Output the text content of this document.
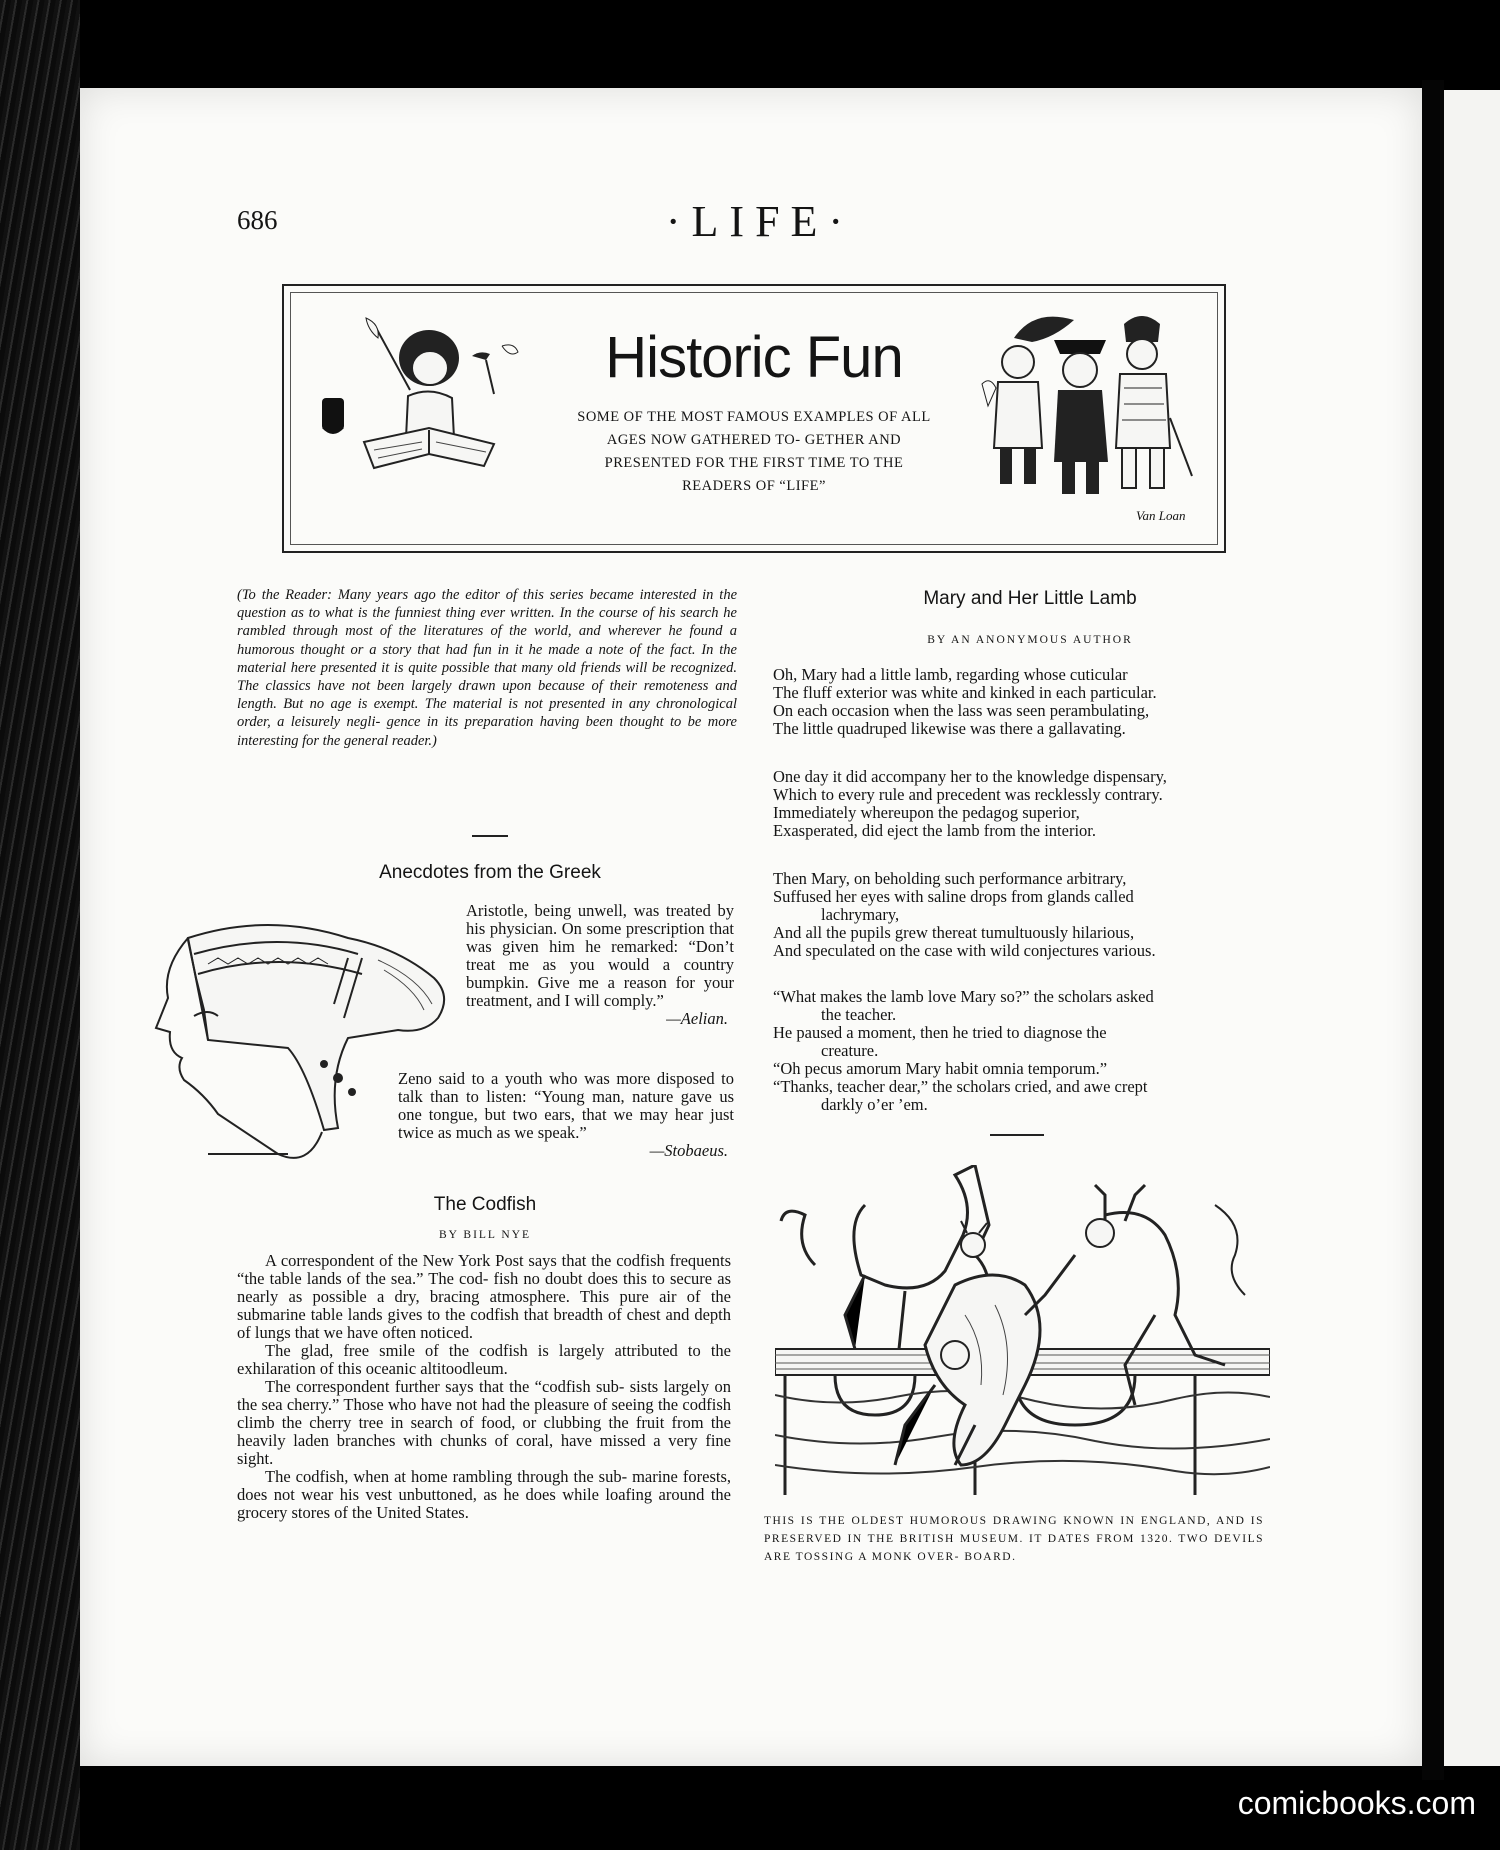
686	·LIFE·
Historic Fun
SOME OF THE MOST FAMOUS EXAMPLES OF ALL AGES NOW GATHERED TO- GETHER AND PRESENTED FOR THE FIRST TIME TO THE READERS OF “LIFE”
Van Loan
(To the Reader: Many years ago the editor of this series became interested in the question as to what is the funniest thing ever written. In the course of his search he rambled through most of the literatures of the world, and wherever he found a humorous thought or a story that had fun in it he made a note of the fact. In the material here presented it is quite possible that many old friends will be recognized. The classics have not been largely drawn upon because of their remoteness and length. But no age is exempt. The material is not presented in any chronological order, a leisurely negli- gence in its preparation having been thought to be more interesting for the general reader.)
Anecdotes from the Greek
Aristotle, being unwell, was treated by his physician. On some prescription that was given him he remarked: “Don’t treat me as you would a country bumpkin. Give me a reason for your treatment, and I will comply.”
—Aelian.
Zeno said to a youth who was more disposed to talk than to listen: “Young man, nature gave us one tongue, but two ears, that we may hear just twice as much as we speak.”
—Stobaeus.
The Codfish
BY BILL NYE
A correspondent of the New York Post says that the codfish frequents “the table lands of the sea.” The cod- fish no doubt does this to secure as nearly as possible a dry, bracing atmosphere. This pure air of the submarine table lands gives to the codfish that breadth of chest and depth of lungs that we have often noticed.
The glad, free smile of the codfish is largely attributed to the exhilaration of this oceanic altitoodleum.
The correspondent further says that the “codfish sub- sists largely on the sea cherry.” Those who have not had the pleasure of seeing the codfish climb the cherry tree in search of food, or clubbing the fruit from the heavily laden branches with chunks of coral, have missed a very fine sight.
The codfish, when at home rambling through the sub- marine forests, does not wear his vest unbuttoned, as he does while loafing around the grocery stores of the United States.
Mary and Her Little Lamb
BY AN ANONYMOUS AUTHOR

Oh, Mary had a little lamb, regarding whose cuticular
The fluff exterior was white and kinked in each particular.
On each occasion when the lass was seen perambulating,
The little quadruped likewise was there a gallavating.

One day it did accompany her to the knowledge dispensary,
Which to every rule and precedent was recklessly contrary.
Immediately whereupon the pedagog superior,
Exasperated, did eject the lamb from the interior.

Then Mary, on beholding such performance arbitrary,
Suffused her eyes with saline drops from glands called

lachrymary,
And all the pupils grew thereat tumultuously hilarious,
And speculated on the case with wild conjectures various.

“What makes the lamb love Mary so?” the scholars asked
the teacher.
He paused a moment, then he tried to diagnose the
creature.
“Oh pecus amorum Mary habit omnia temporum.”
“Thanks, teacher dear,” the scholars cried, and awe crept
darkly o’er ’em.
THIS IS THE OLDEST HUMOROUS DRAWING KNOWN IN ENGLAND, AND IS PRESERVED IN THE BRITISH MUSEUM. IT DATES FROM 1320. TWO DEVILS ARE TOSSING A MONK OVER- BOARD.
comicbooks.com
